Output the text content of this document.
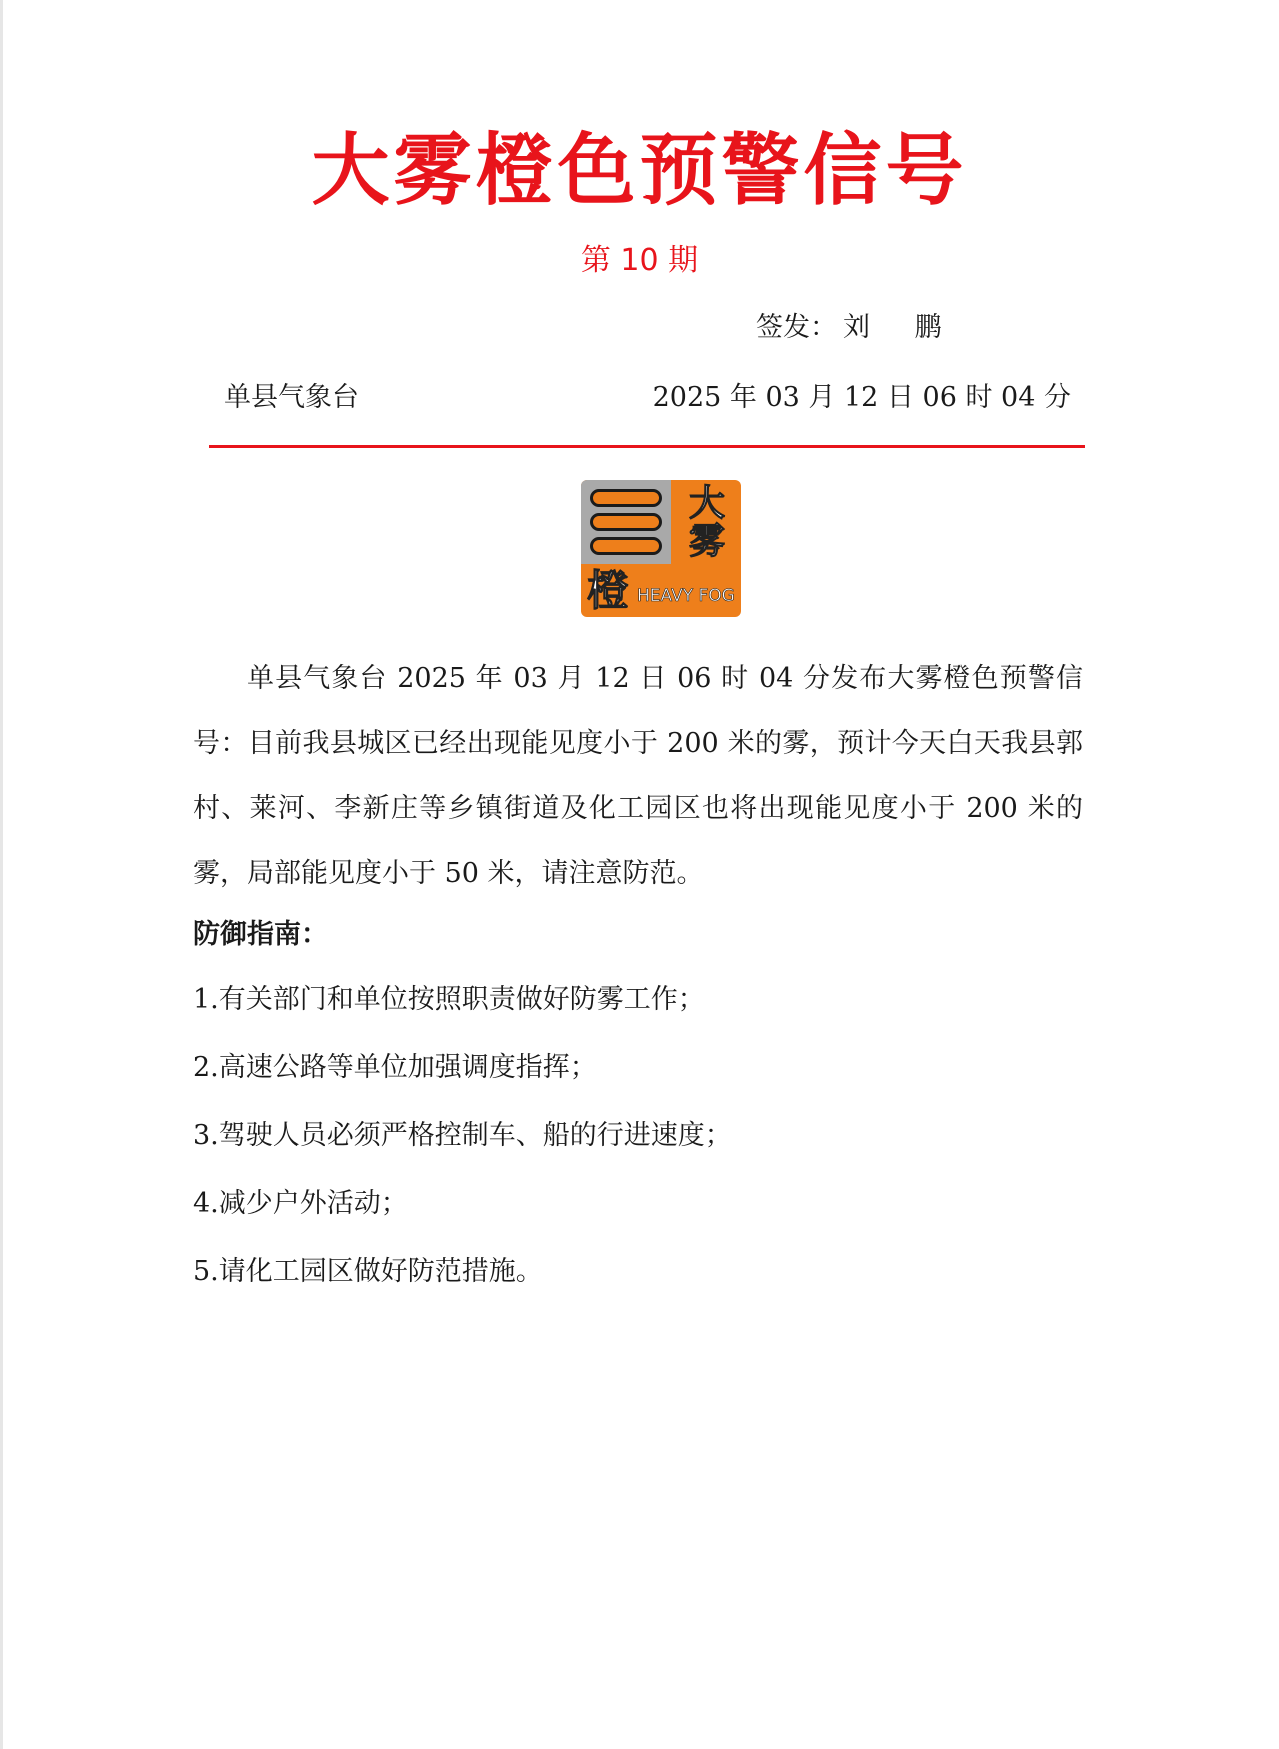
大雾橙色预警信号
第 10 期
签发： 刘 鹏
单县气象台	2025 年 03 月 12 日 06 时 04 分
大
雾
橙 HEAVY FOG

单县气象台 2025 年 03 月 12 日 06 时 04 分发布大雾橙色预警信号：目前我县城区已经出现能见度小于 200 米的雾，预计今天白天我县郭村、莱河、李新庄等乡镇街道及化工园区也将出现能见度小于 200 米的雾，局部能见度小于 50 米，请注意防范。

防御指南：
1.有关部门和单位按照职责做好防雾工作；
2.高速公路等单位加强调度指挥；
3.驾驶人员必须严格控制车、船的行进速度；
4.减少户外活动；
5.请化工园区做好防范措施。
